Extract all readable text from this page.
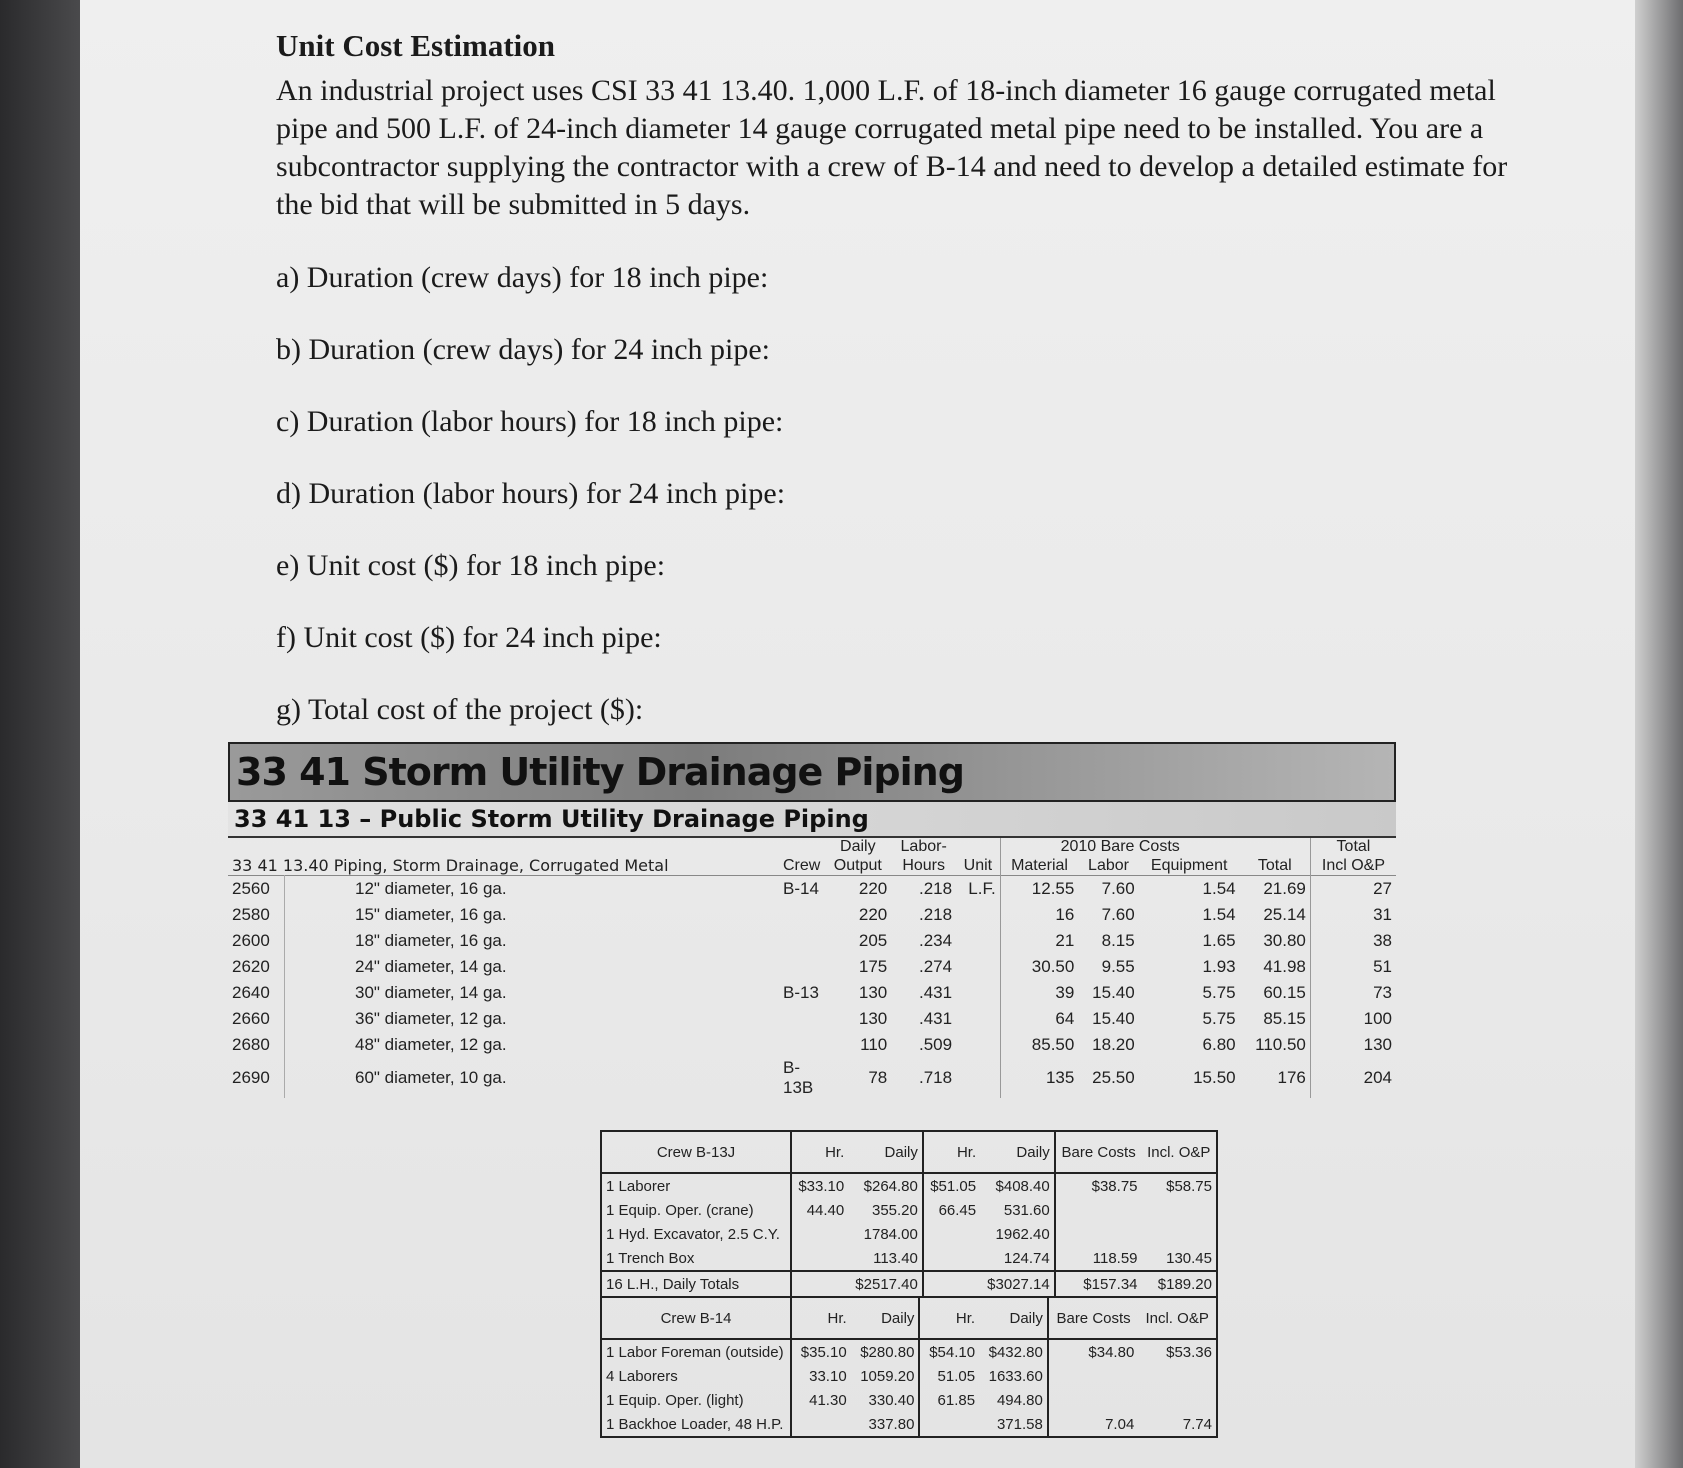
Unit Cost Estimation

An industrial project uses CSI 33 41 13.40. 1,000 L.F. of 18-inch diameter 16 gauge corrugated metal pipe and 500 L.F. of 24-inch diameter 14 gauge corrugated metal pipe need to be installed. You are a subcontractor supplying the contractor with a crew of B-14 and need to develop a detailed estimate for the bid that will be submitted in 5 days.

a) Duration (crew days) for 18 inch pipe:
b) Duration (crew days) for 24 inch pipe:
c) Duration (labor hours) for 18 inch pipe:
d) Duration (labor hours) for 24 inch pipe:
e) Unit cost ($) for 18 inch pipe:
f) Unit cost ($) for 24 inch pipe:
g) Total cost of the project ($):
33 41 Storm Utility Drainage Piping
33 41 13 – Public Storm Utility Drainage Piping
			Daily	Labor-		2010 Bare Costs				Total
33 41 13.40 Piping, Storm Drainage, Corrugated Metal		Crew	Output	Hours	Unit	Material	Labor	Equipment	Total	Incl O&P
2560	12" diameter, 16 ga.	B-14	220	.218	L.F.	12.55	7.60	1.54	21.69	27
2580	15" diameter, 16 ga.		220	.218		16	7.60	1.54	25.14	31
2600	18" diameter, 16 ga.		205	.234		21	8.15	1.65	30.80	38
2620	24" diameter, 14 ga.		175	.274		30.50	9.55	1.93	41.98	51
2640	30" diameter, 14 ga.	B-13	130	.431		39	15.40	5.75	60.15	73
2660	36" diameter, 12 ga.		130	.431		64	15.40	5.75	85.15	100
2680	48" diameter, 12 ga.		110	.509		85.50	18.20	6.80	110.50	130
2690	60" diameter, 10 ga.	B-13B	78	.718		135	25.50	15.50	176	204
Crew B-13J	Hr.	Daily	Hr.	Daily	Bare Costs	Incl. O&P
1 Laborer	$33.10	$264.80	$51.05	$408.40	$38.75	$58.75
1 Equip. Oper. (crane)	44.40	355.20	66.45	531.60		
1 Hyd. Excavator, 2.5 C.Y.		1784.00		1962.40		
1 Trench Box		113.40		124.74	118.59	130.45
16 L.H., Daily Totals		$2517.40		$3027.14	$157.34	$189.20
Crew B-14	Hr.	Daily	Hr.	Daily	Bare Costs	Incl. O&P
1 Labor Foreman (outside)	$35.10	$280.80	$54.10	$432.80	$34.80	$53.36
4 Laborers	33.10	1059.20	51.05	1633.60		
1 Equip. Oper. (light)	41.30	330.40	61.85	494.80		
1 Backhoe Loader, 48 H.P.		337.80		371.58	7.04	7.74
